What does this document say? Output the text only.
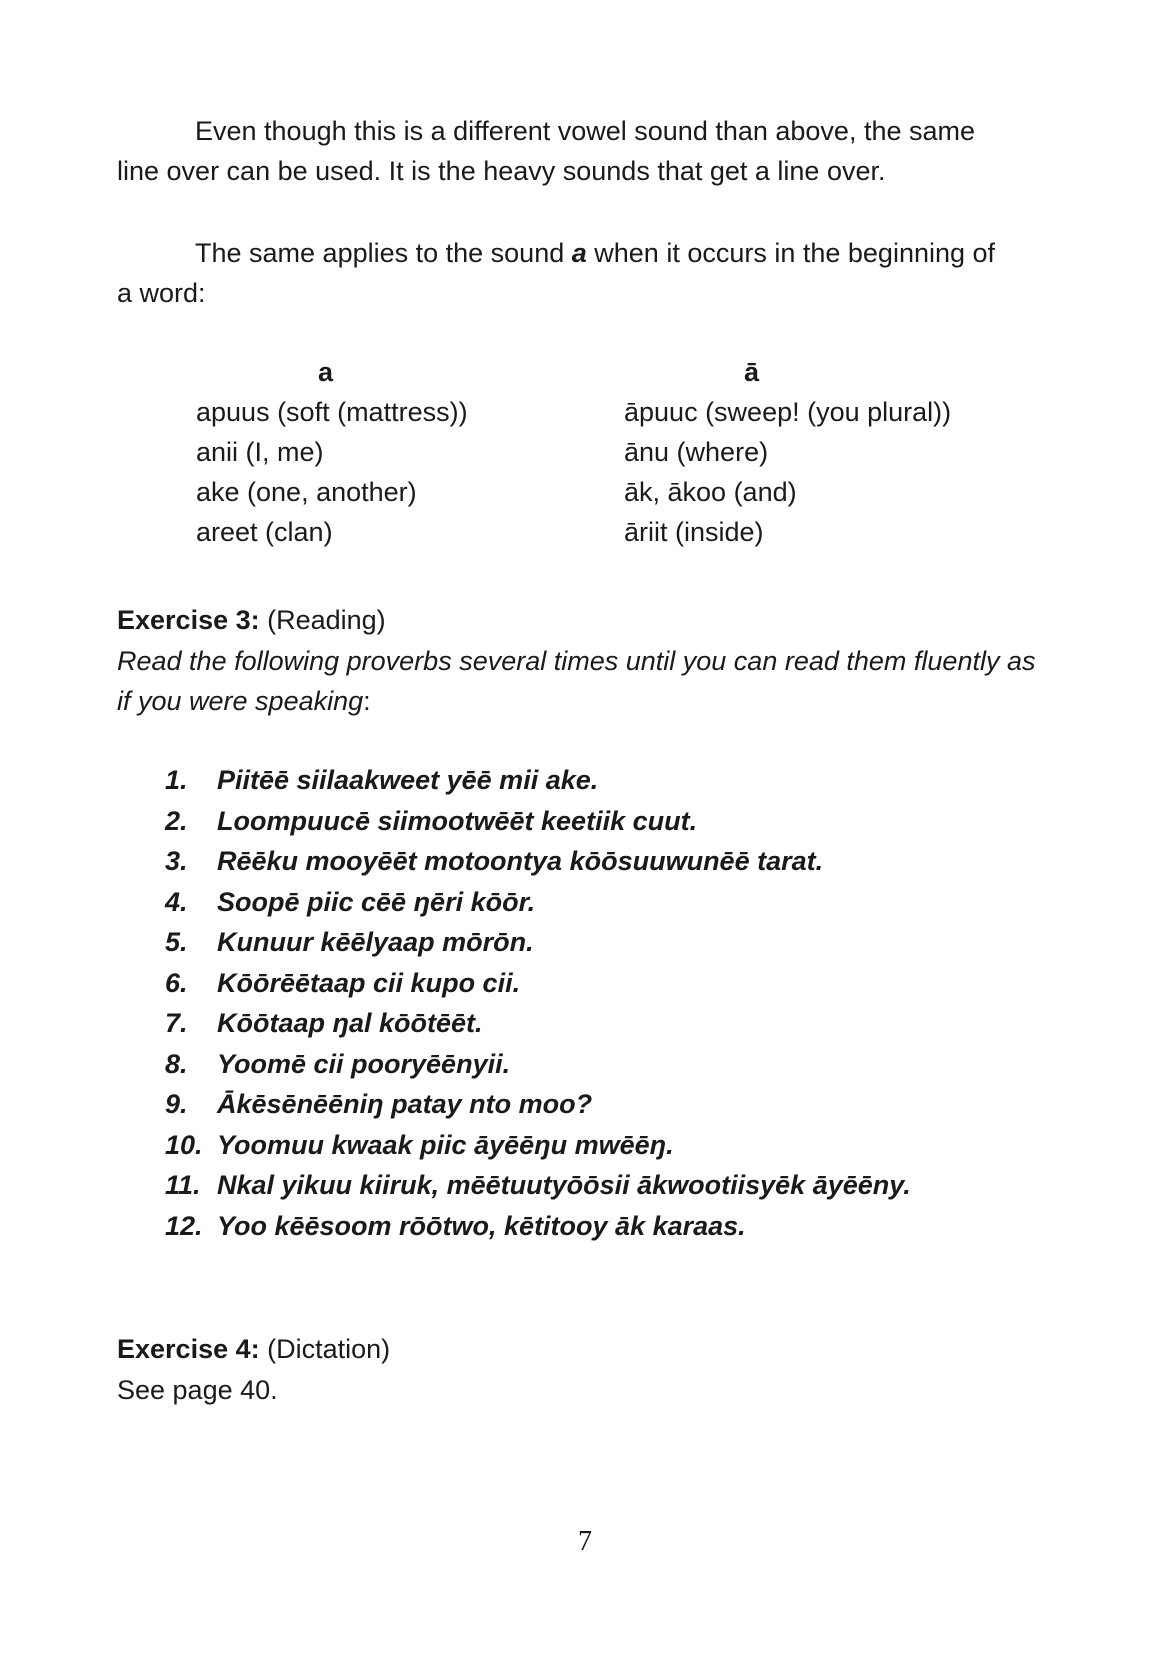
Even though this is a different vowel sound than above, the same line over can be used. It is the heavy sounds that get a line over.

The same applies to the sound a when it occurs in the beginning of a word:

a
apuus (soft (mattress))
anii (I, me)
ake (one, another)
areet (clan)
ā
āpuuc (sweep! (you plural))
ānu (where)
āk, ākoo (and)
āriit (inside)
Exercise 3: (Reading)

Read the following proverbs several times until you can read them fluently as if you were speaking:

1. Piitēē siilaakweet yēē mii ake.
2. Loompuucē siimootwēēt keetiik cuut.
3. Rēēku mooyēēt motoontya kōōsuuwunēē tarat.
4. Soopē piic cēē ŋēri kōōr.
5. Kunuur kēēlyaap mōrōn.
6. Kōōrēētaap cii kupo cii.
7. Kōōtaap ŋal kōōtēēt.
8. Yoomē cii pooryēēnyii.
9. Ākēsēnēēniŋ patay nto moo?
10. Yoomuu kwaak piic āyēēŋu mwēēŋ.
11. Nkal yikuu kiiruk, mēētuutyōōsii ākwootiisyēk āyēēny.
12. Yoo kēēsoom rōōtwo, kētitooy āk karaas.
Exercise 4: (Dictation)
See page 40.
7
